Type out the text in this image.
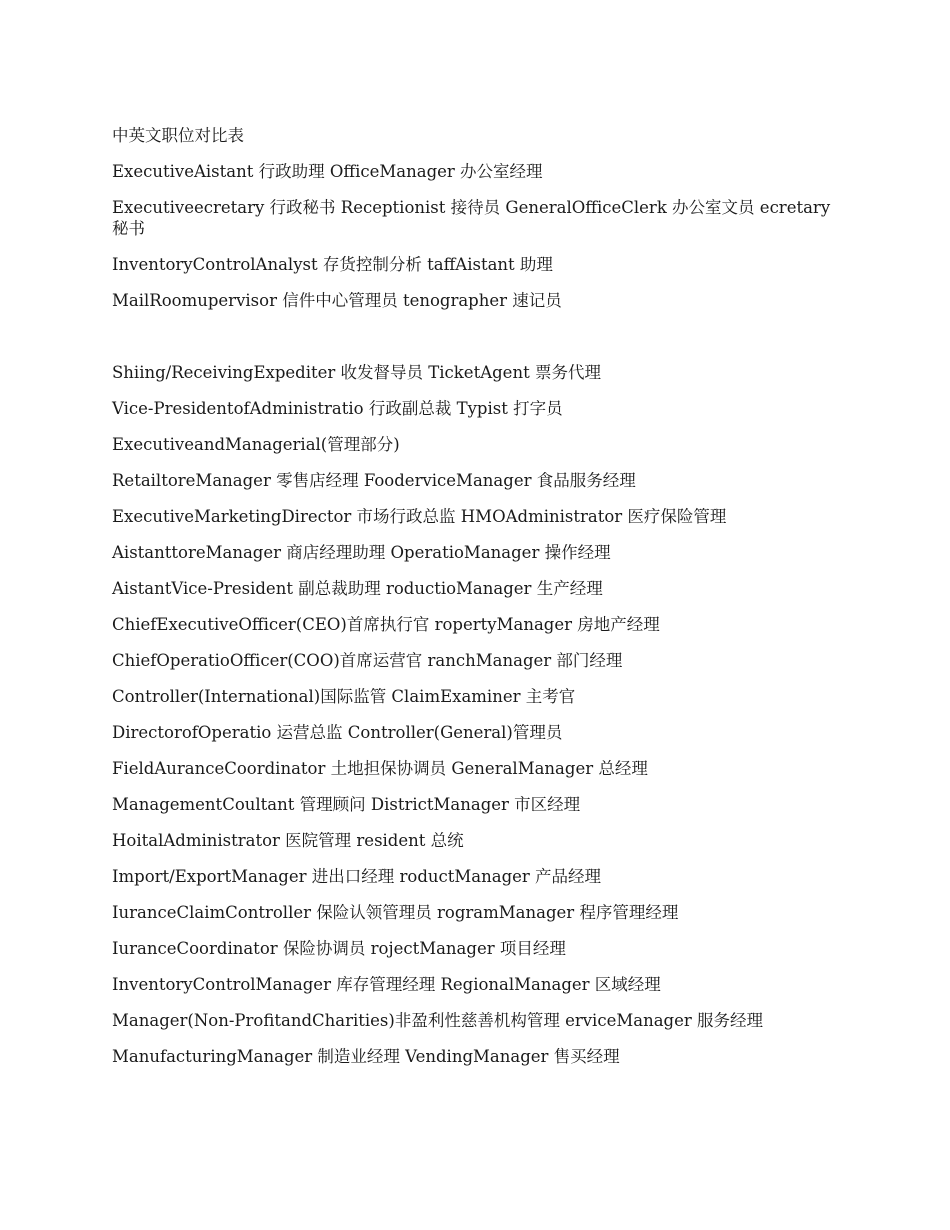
中英文职位对比表

ExecutiveAistant 行政助理 OfficeManager 办公室经理

Executiveecretary 行政秘书 Receptionist 接待员 GeneralOfficeClerk 办公室文员 ecretary 秘书

InventoryControlAnalyst 存货控制分析 taffAistant 助理

MailRoomupervisor 信件中心管理员 tenographer 速记员

Shiing/ReceivingExpediter 收发督导员 TicketAgent 票务代理

Vice-PresidentofAdministratio 行政副总裁 Typist 打字员

ExecutiveandManagerial(管理部分)

RetailtoreManager 零售店经理 FooderviceManager 食品服务经理

ExecutiveMarketingDirector 市场行政总监 HMOAdministrator 医疗保险管理

AistanttoreManager 商店经理助理 OperatioManager 操作经理

AistantVice-President 副总裁助理 roductioManager 生产经理

ChiefExecutiveOfficer(CEO)首席执行官 ropertyManager 房地产经理

ChiefOperatioOfficer(COO)首席运营官 ranchManager 部门经理

Controller(International)国际监管 ClaimExaminer 主考官

DirectorofOperatio 运营总监 Controller(General)管理员

FieldAuranceCoordinator 土地担保协调员 GeneralManager 总经理

ManagementCoultant 管理顾问 DistrictManager 市区经理

HoitalAdministrator 医院管理 resident 总统

Import/ExportManager 进出口经理 roductManager 产品经理

IuranceClaimController 保险认领管理员 rogramManager 程序管理经理

IuranceCoordinator 保险协调员 rojectManager 项目经理

InventoryControlManager 库存管理经理 RegionalManager 区域经理

Manager(Non-ProfitandCharities)非盈利性慈善机构管理 erviceManager 服务经理

ManufacturingManager 制造业经理 VendingManager 售买经理
